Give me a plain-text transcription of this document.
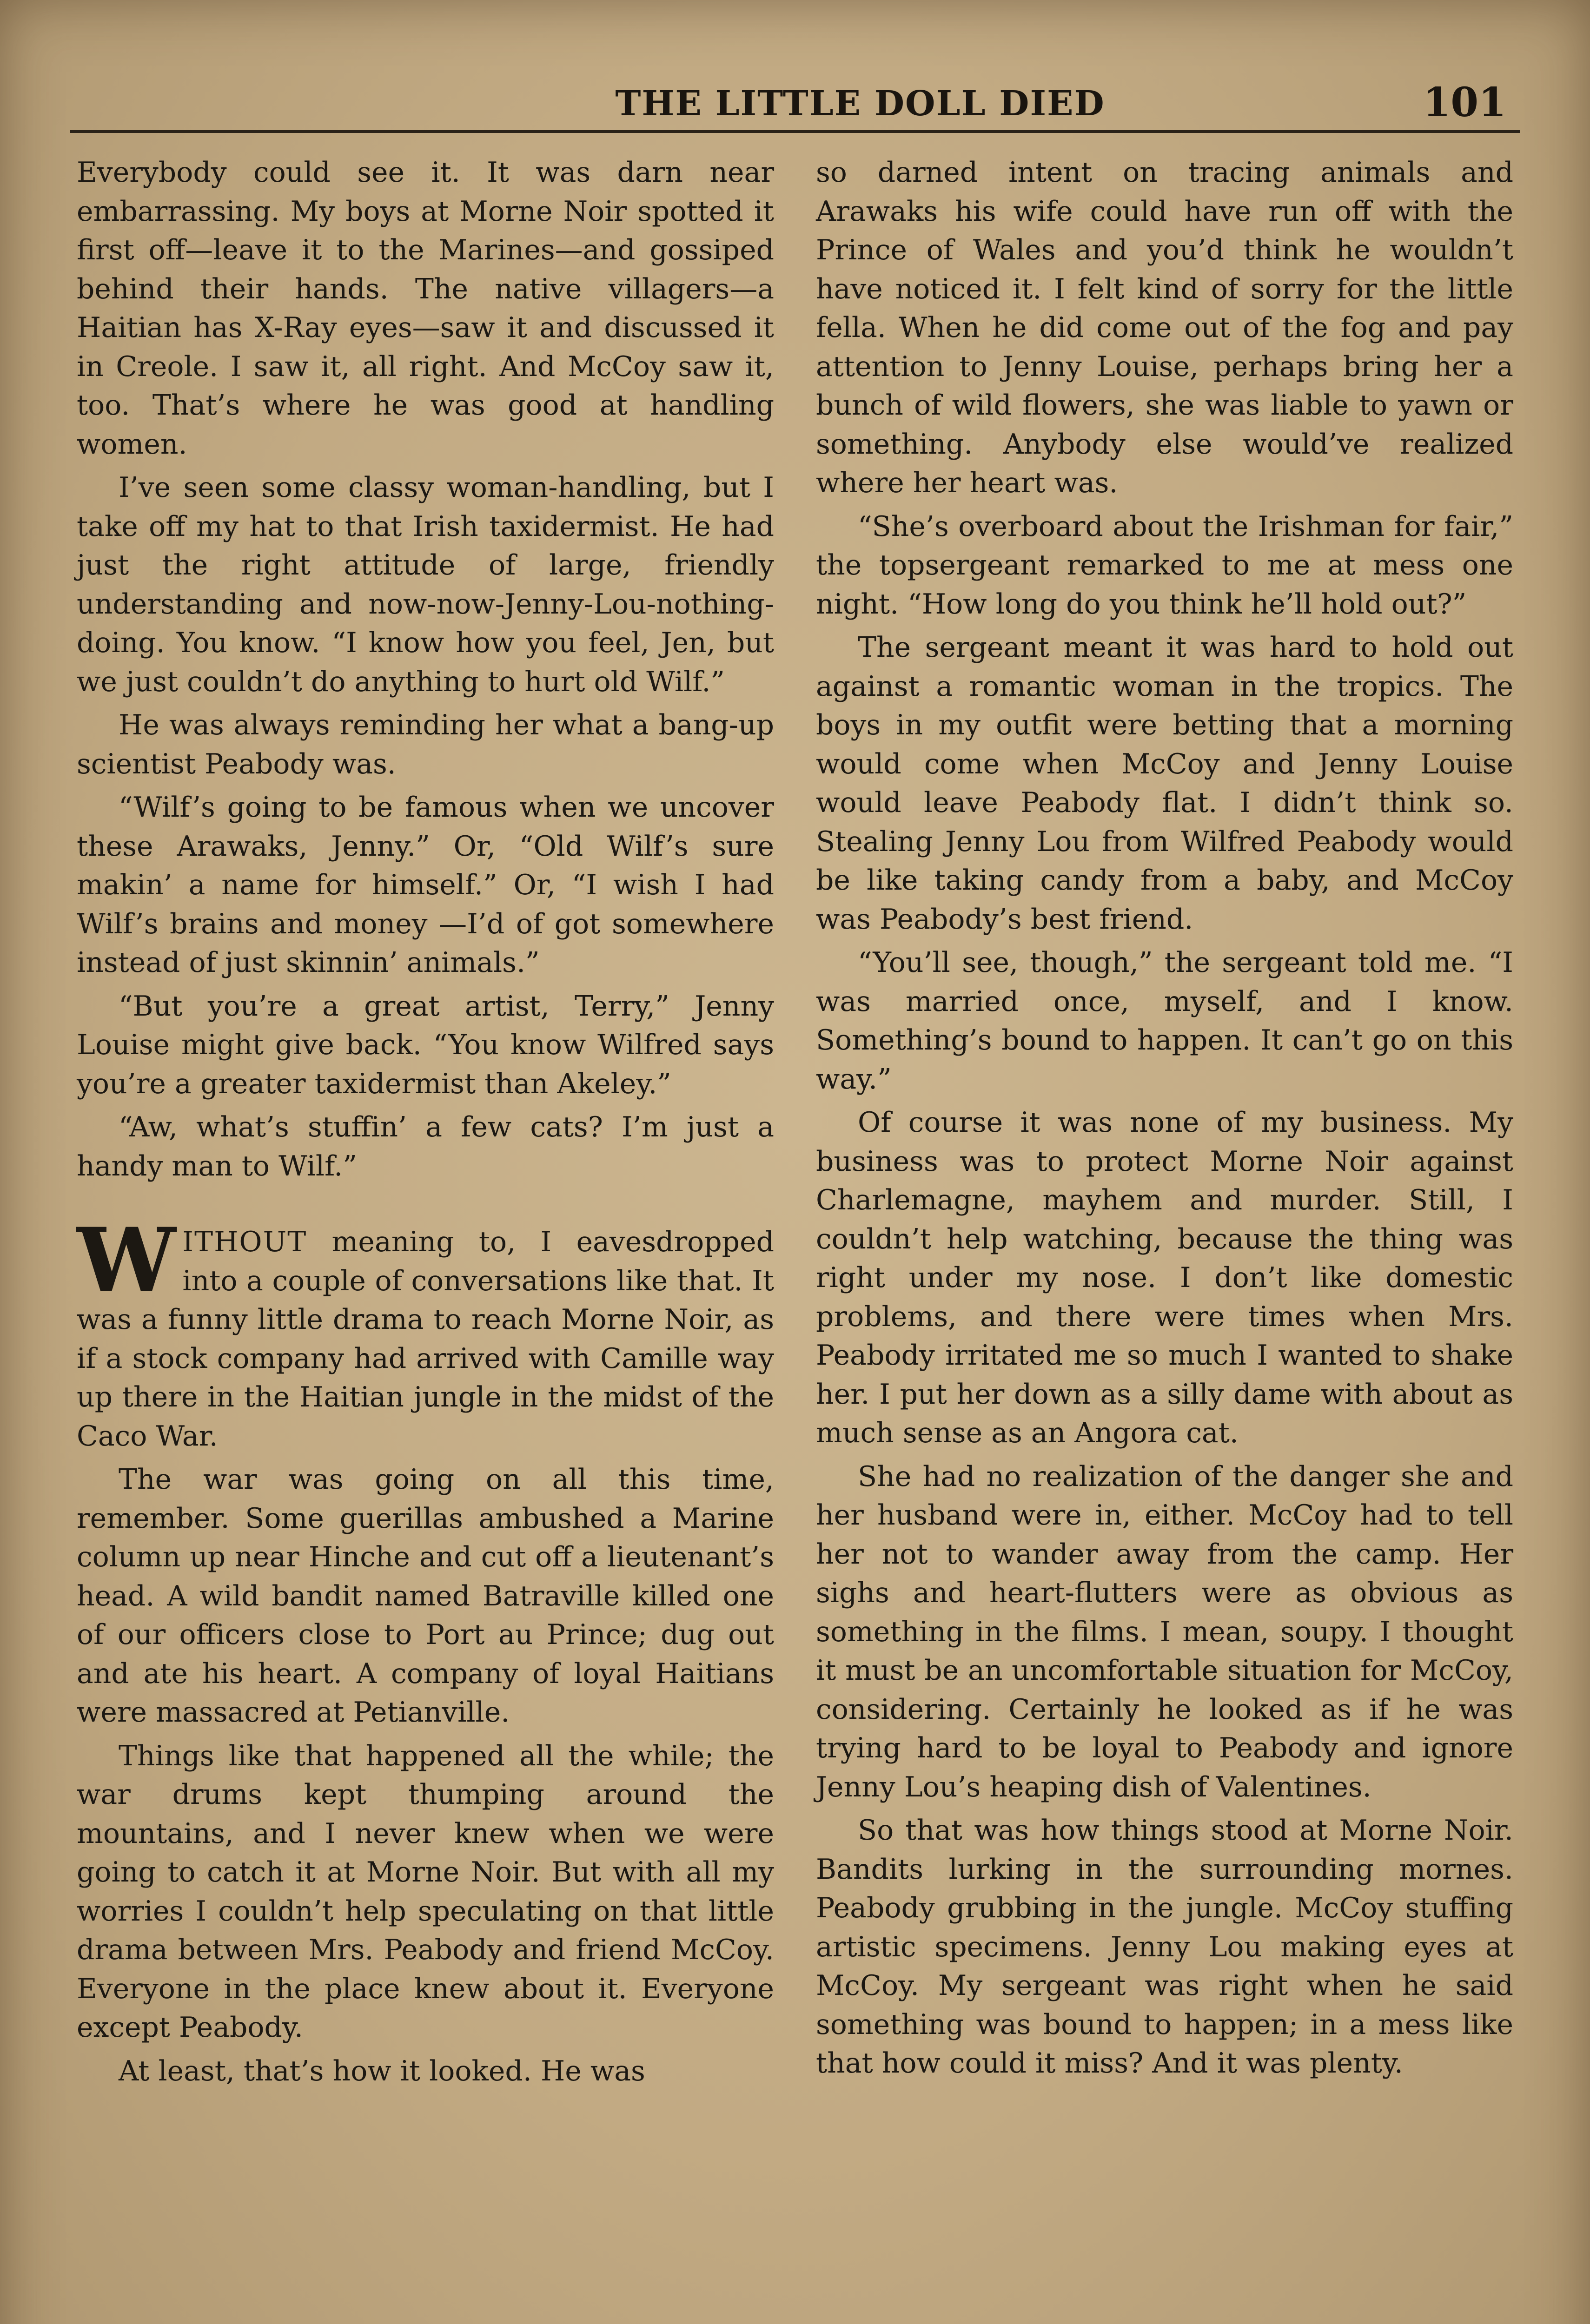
THE LITTLE DOLL DIED	101

Everybody could see it. It was darn near embarrassing. My boys at Morne Noir spotted it first off—leave it to the Marines—and gossiped behind their hands. The native villagers—a Haitian has X-Ray eyes—saw it and discussed it in Creole. I saw it, all right. And McCoy saw it, too. That’s where he was good at handling women.

I’ve seen some classy woman-handling, but I take off my hat to that Irish taxidermist. He had just the right attitude of large, friendly understanding and now-now-Jenny-Lou-nothing-doing. You know. “I know how you feel, Jen, but we just couldn’t do anything to hurt old Wilf.”

He was always reminding her what a bang-up scientist Peabody was.

“Wilf’s going to be famous when we uncover these Arawaks, Jenny.” Or, “Old Wilf’s sure makin’ a name for himself.” Or, “I wish I had Wilf’s brains and money —I’d of got somewhere instead of just skinnin’ animals.”

“But you’re a great artist, Terry,” Jenny Louise might give back. “You know Wilfred says you’re a greater taxidermist than Akeley.”

“Aw, what’s stuffin’ a few cats? I’m just a handy man to Wilf.”

WITHOUT meaning to, I eavesdropped into a couple of conversations like that. It was a funny little drama to reach Morne Noir, as if a stock company had arrived with Camille way up there in the Haitian jungle in the midst of the Caco War.

The war was going on all this time, remember. Some guerillas ambushed a Marine column up near Hinche and cut off a lieutenant’s head. A wild bandit named Batraville killed one of our officers close to Port au Prince; dug out and ate his heart. A company of loyal Haitians were massacred at Petianville.

Things like that happened all the while; the war drums kept thumping around the mountains, and I never knew when we were going to catch it at Morne Noir. But with all my worries I couldn’t help speculating on that little drama between Mrs. Peabody and friend McCoy. Everyone in the place knew about it. Everyone except Peabody.

At least, that’s how it looked. He was

so darned intent on tracing animals and Arawaks his wife could have run off with the Prince of Wales and you’d think he wouldn’t have noticed it. I felt kind of sorry for the little fella. When he did come out of the fog and pay attention to Jenny Louise, perhaps bring her a bunch of wild flowers, she was liable to yawn or something. Anybody else would’ve realized where her heart was.

“She’s overboard about the Irishman for fair,” the topsergeant remarked to me at mess one night. “How long do you think he’ll hold out?”

The sergeant meant it was hard to hold out against a romantic woman in the tropics. The boys in my outfit were betting that a morning would come when McCoy and Jenny Louise would leave Peabody flat. I didn’t think so. Stealing Jenny Lou from Wilfred Peabody would be like taking candy from a baby, and McCoy was Peabody’s best friend.

“You’ll see, though,” the sergeant told me. “I was married once, myself, and I know. Something’s bound to happen. It can’t go on this way.”

Of course it was none of my business. My business was to protect Morne Noir against Charlemagne, mayhem and murder. Still, I couldn’t help watching, because the thing was right under my nose. I don’t like domestic problems, and there were times when Mrs. Peabody irritated me so much I wanted to shake her. I put her down as a silly dame with about as much sense as an Angora cat.

She had no realization of the danger she and her husband were in, either. McCoy had to tell her not to wander away from the camp. Her sighs and heart-flutters were as obvious as something in the films. I mean, soupy. I thought it must be an uncomfortable situation for McCoy, considering. Certainly he looked as if he was trying hard to be loyal to Peabody and ignore Jenny Lou’s heaping dish of Valentines.

So that was how things stood at Morne Noir. Bandits lurking in the surrounding mornes. Peabody grubbing in the jungle. McCoy stuffing artistic specimens. Jenny Lou making eyes at McCoy. My sergeant was right when he said something was bound to happen; in a mess like that how could it miss? And it was plenty.
